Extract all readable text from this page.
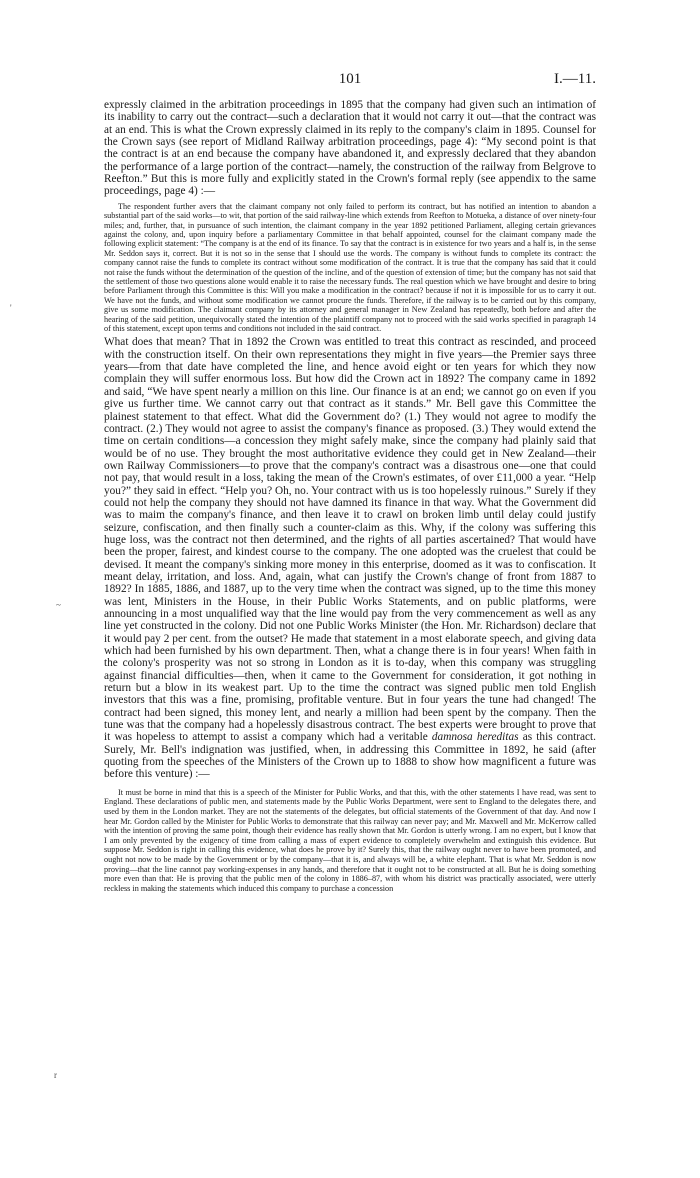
101	I.—11.
'
~
r

expressly claimed in the arbitration proceedings in 1895 that the company had given such an intimation of its inability to carry out the contract—such a declaration that it would not carry it out—that the contract was at an end. This is what the Crown expressly claimed in its reply to the company's claim in 1895. Counsel for the Crown says (see report of Midland Railway arbitration proceedings, page 4): “My second point is that the contract is at an end because the company have abandoned it, and expressly declared that they abandon the performance of a large portion of the contract—namely, the construction of the railway from Belgrove to Reefton.” But this is more fully and explicitly stated in the Crown's formal reply (see appendix to the same proceedings, page 4) :—

The respondent further avers that the claimant company not only failed to perform its contract, but has notified an intention to abandon a substantial part of the said works—to wit, that portion of the said railway-line which extends from Reefton to Motueka, a distance of over ninety-four miles; and, further, that, in pursuance of such intention, the claimant company in the year 1892 petitioned Parliament, alleging certain grievances against the colony, and, upon inquiry before a parliamentary Committee in that behalf appointed, counsel for the claimant company made the following explicit statement: “The company is at the end of its finance. To say that the contract is in existence for two years and a half is, in the sense Mr. Seddon says it, correct. But it is not so in the sense that I should use the words. The company is without funds to complete its contract: the company cannot raise the funds to complete its contract without some modification of the contract. It is true that the company has said that it could not raise the funds without the determination of the question of the incline, and of the question of extension of time; but the company has not said that the settlement of those two questions alone would enable it to raise the necessary funds. The real question which we have brought and desire to bring before Parliament through this Committee is this: Will you make a modification in the contract? because if not it is impossible for us to carry it out. We have not the funds, and without some modification we cannot procure the funds. Therefore, if the railway is to be carried out by this company, give us some modification. The claimant company by its attorney and general manager in New Zealand has repeatedly, both before and after the hearing of the said petition, unequivocally stated the intention of the plaintiff company not to proceed with the said works specified in paragraph 14 of this statement, except upon terms and conditions not included in the said contract.

What does that mean? That in 1892 the Crown was entitled to treat this contract as rescinded, and proceed with the construction itself. On their own representations they might in five years—the Premier says three years—from that date have completed the line, and hence avoid eight or ten years for which they now complain they will suffer enormous loss. But how did the Crown act in 1892? The company came in 1892 and said, “We have spent nearly a million on this line. Our finance is at an end; we cannot go on even if you give us further time. We cannot carry out that contract as it stands.” Mr. Bell gave this Committee the plainest statement to that effect. What did the Government do? (1.) They would not agree to modify the contract. (2.) They would not agree to assist the company's finance as proposed. (3.) They would extend the time on certain conditions—a concession they might safely make, since the company had plainly said that would be of no use. They brought the most authoritative evidence they could get in New Zealand—their own Railway Commissioners—to prove that the company's contract was a disastrous one—one that could not pay, that would result in a loss, taking the mean of the Crown's estimates, of over £11,000 a year. “Help you?” they said in effect. “Help you? Oh, no. Your contract with us is too hopelessly ruinous.” Surely if they could not help the company they should not have damned its finance in that way. What the Government did was to maim the company's finance, and then leave it to crawl on broken limb until delay could justify seizure, confiscation, and then finally such a counter-claim as this. Why, if the colony was suffering this huge loss, was the contract not then determined, and the rights of all parties ascertained? That would have been the proper, fairest, and kindest course to the company. The one adopted was the cruelest that could be devised. It meant the company's sinking more money in this enterprise, doomed as it was to confiscation. It meant delay, irritation, and loss. And, again, what can justify the Crown's change of front from 1887 to 1892? In 1885, 1886, and 1887, up to the very time when the contract was signed, up to the time this money was lent, Ministers in the House, in their Public Works Statements, and on public platforms, were announcing in a most unqualified way that the line would pay from the very commencement as well as any line yet constructed in the colony. Did not one Public Works Minister (the Hon. Mr. Richardson) declare that it would pay 2 per cent. from the outset? He made that statement in a most elaborate speech, and giving data which had been furnished by his own department. Then, what a change there is in four years! When faith in the colony's prosperity was not so strong in London as it is to-day, when this company was struggling against financial difficulties—then, when it came to the Government for consideration, it got nothing in return but a blow in its weakest part. Up to the time the contract was signed public men told English investors that this was a fine, promising, profitable venture. But in four years the tune had changed! The contract had been signed, this money lent, and nearly a million had been spent by the company. Then the tune was that the company had a hopelessly disastrous contract. The best experts were brought to prove that it was hopeless to attempt to assist a company which had a veritable damnosa hereditas as this contract. Surely, Mr. Bell's indignation was justified, when, in addressing this Committee in 1892, he said (after quoting from the speeches of the Ministers of the Crown up to 1888 to show how magnificent a future was before this venture) :—

It must be borne in mind that this is a speech of the Minister for Public Works, and that this, with the other statements I have read, was sent to England. These declarations of public men, and statements made by the Public Works Department, were sent to England to the delegates there, and used by them in the London market. They are not the statements of the delegates, but official statements of the Government of that day. And now I hear Mr. Gordon called by the Minister for Public Works to demonstrate that this railway can never pay; and Mr. Maxwell and Mr. McKerrow called with the intention of proving the same point, though their evidence has really shown that Mr. Gordon is utterly wrong. I am no expert, but I know that I am only prevented by the exigency of time from calling a mass of expert evidence to completely overwhelm and extinguish this evidence. But suppose Mr. Seddon is right in calling this evidence, what does he prove by it? Surely this, that the railway ought never to have been promoted, and ought not now to be made by the Government or by the company—that it is, and always will be, a white elephant. That is what Mr. Seddon is now proving—that the line cannot pay working-expenses in any hands, and therefore that it ought not to be constructed at all. But he is doing something more even than that: He is proving that the public men of the colony in 1886–87, with whom his district was practically associated, were utterly reckless in making the statements which induced this company to purchase a concession
